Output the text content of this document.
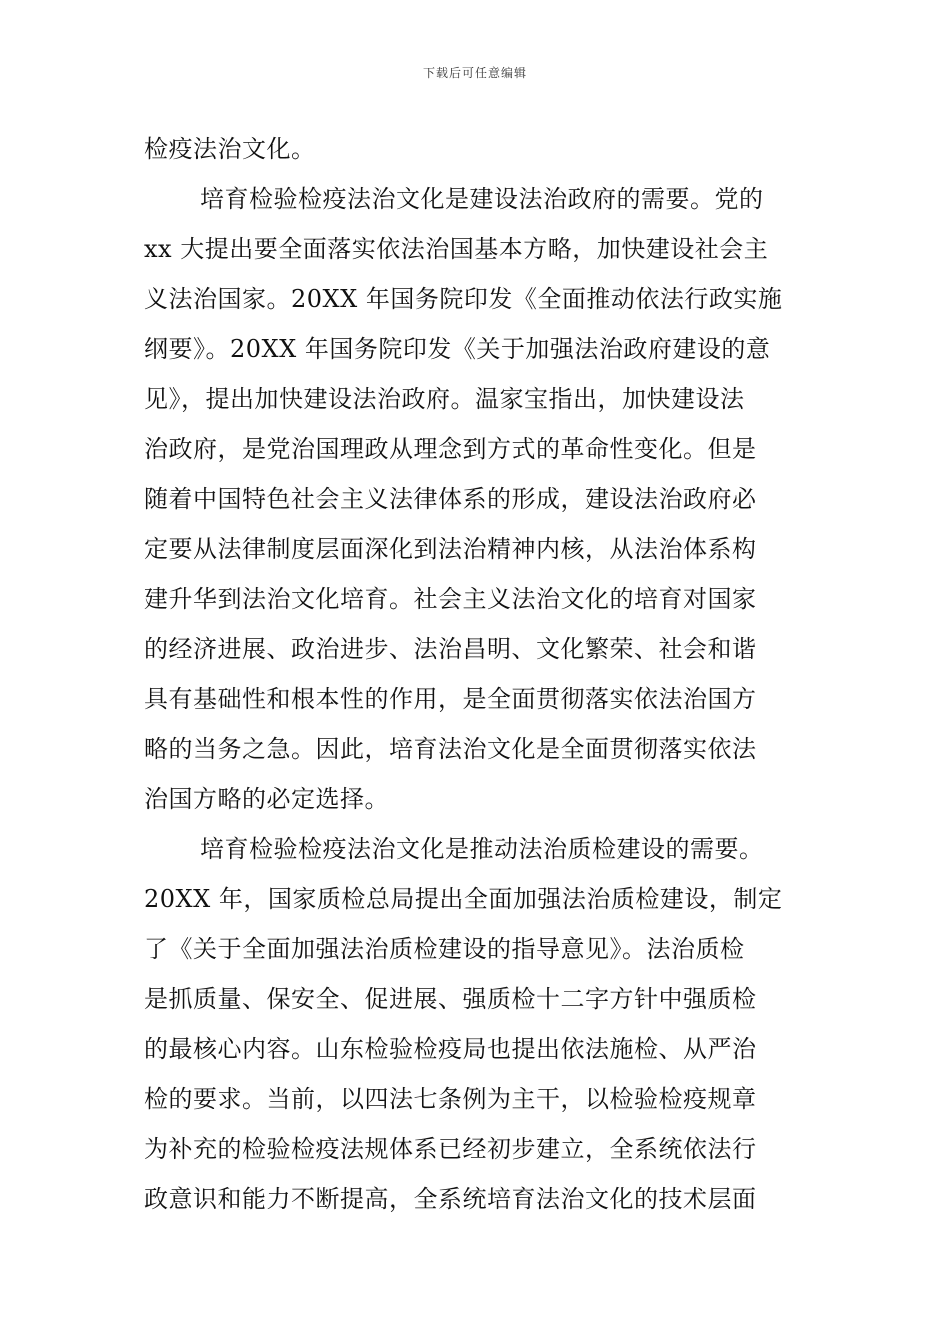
下载后可任意编辑
检疫法治文化。
培育检验检疫法治文化是建设法治政府的需要。党的
xx 大提出要全面落实依法治国基本方略，加快建设社会主
义法治国家。20XX 年国务院印发《全面推动依法行政实施
纲要》。20XX 年国务院印发《关于加强法治政府建设的意
见》，提出加快建设法治政府。温家宝指出，加快建设法
治政府，是党治国理政从理念到方式的革命性变化。但是
随着中国特色社会主义法律体系的形成，建设法治政府必
定要从法律制度层面深化到法治精神内核，从法治体系构
建升华到法治文化培育。社会主义法治文化的培育对国家
的经济进展、政治进步、法治昌明、文化繁荣、社会和谐
具有基础性和根本性的作用，是全面贯彻落实依法治国方
略的当务之急。因此，培育法治文化是全面贯彻落实依法
治国方略的必定选择。
培育检验检疫法治文化是推动法治质检建设的需要。
20XX 年，国家质检总局提出全面加强法治质检建设，制定
了《关于全面加强法治质检建设的指导意见》。法治质检
是抓质量、保安全、促进展、强质检十二字方针中强质检
的最核心内容。山东检验检疫局也提出依法施检、从严治
检的要求。当前，以四法七条例为主干，以检验检疫规章
为补充的检验检疫法规体系已经初步建立，全系统依法行
政意识和能力不断提高，全系统培育法治文化的技术层面
